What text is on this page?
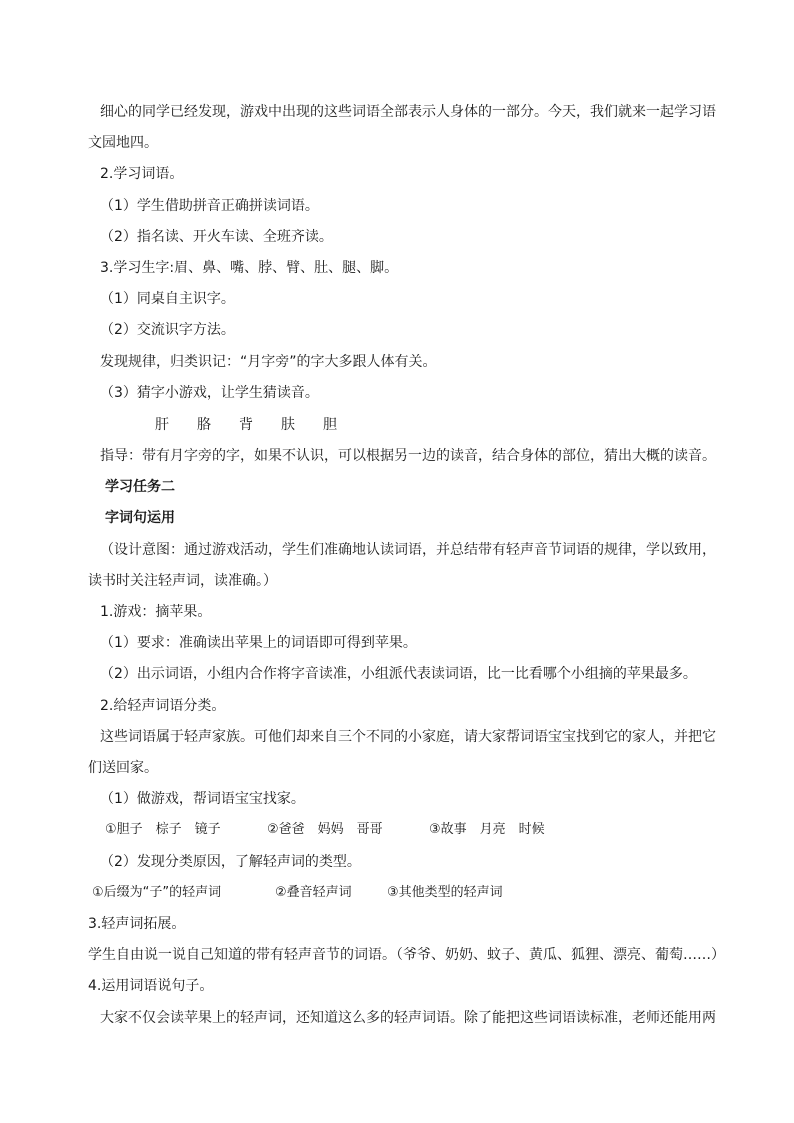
细心的同学已经发现，游戏中出现的这些词语全部表示人身体的一部分。今天，我们就来一起学习语
文园地四。
2.学习词语。
（1）学生借助拼音正确拼读词语。
（2）指名读、开火车读、全班齐读。
3.学习生字:眉、鼻、嘴、脖、臂、肚、腿、脚。
（1）同桌自主识字。
（2）交流识字方法。
发现规律，归类识记：“月字旁”的字大多跟人体有关。
（3）猜字小游戏，让学生猜读音。
肝 胳 背 肤 胆
指导：带有月字旁的字，如果不认识，可以根据另一边的读音，结合身体的部位，猜出大概的读音。
学习任务二
字词句运用
（设计意图：通过游戏活动，学生们准确地认读词语，并总结带有轻声音节词语的规律，学以致用，
读书时关注轻声词，读准确。）
1.游戏：摘苹果。
（1）要求：准确读出苹果上的词语即可得到苹果。
（2）出示词语，小组内合作将字音读准，小组派代表读词语，比一比看哪个小组摘的苹果最多。
2.给轻声词语分类。
这些词语属于轻声家族。可他们却来自三个不同的小家庭，请大家帮词语宝宝找到它的家人，并把它
们送回家。
（1）做游戏，帮词语宝宝找家。
①胆子　棕子　镜子	②爸爸　妈妈　哥哥	③故事　月亮　时候
（2）发现分类原因，了解轻声词的类型。
①后缀为“子”的轻声词	②叠音轻声词	③其他类型的轻声词
3.轻声词拓展。
学生自由说一说自己知道的带有轻声音节的词语。（爷爷、奶奶、蚊子、黄瓜、狐狸、漂亮、葡萄……）
4.运用词语说句子。
大家不仅会读苹果上的轻声词，还知道这么多的轻声词语。除了能把这些词语读标准，老师还能用两
